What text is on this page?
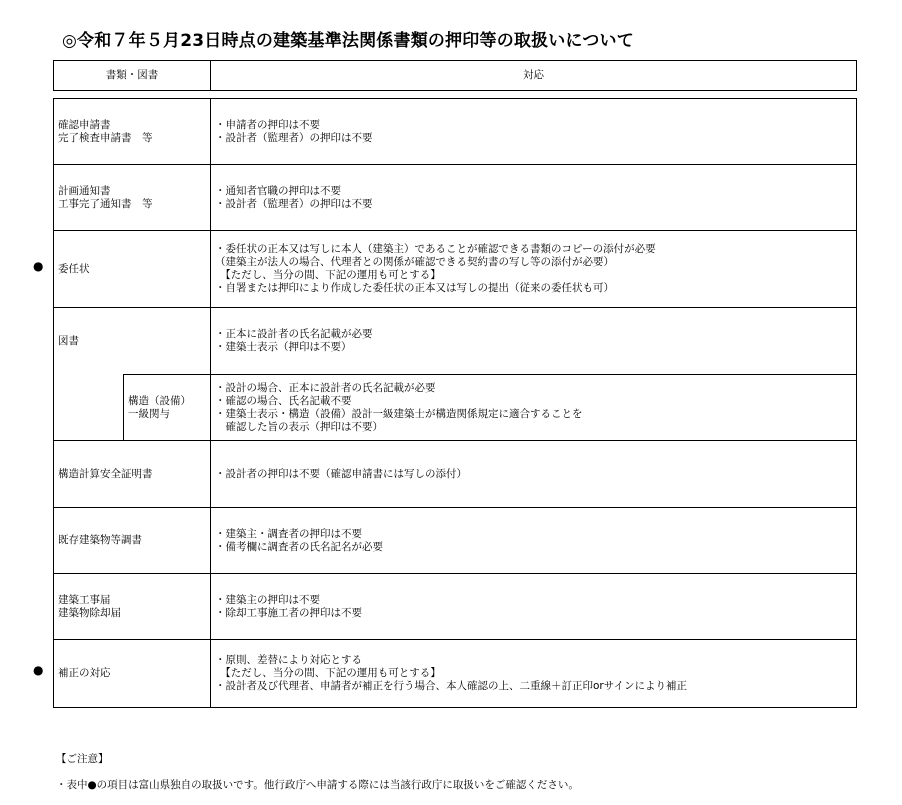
◎令和７年５月23日時点の建築基準法関係書類の押印等の取扱いについて
書類・図書		対応

確認申請書
完了検査申請書　等		・申請者の押印は不要
・設計者（監理者）の押印は不要
計画通知書
工事完了通知書　等		・通知者官職の押印は不要
・設計者（監理者）の押印は不要
委任状		・委任状の正本又は写しに本人（建築主）であることが確認できる書類のコピーの添付が必要
（建築主が法人の場合、代理者との関係が確認できる契約書の写し等の添付が必要）
　【ただし、当分の間、下記の運用も可とする】
・自署または押印により作成した委任状の正本又は写しの提出（従来の委任状も可）
図書		・正本に設計者の氏名記載が必要
・建築士表示（押印は不要）
	構造（設備）
一級関与	・設計の場合、正本に設計者の氏名記載が必要
・確認の場合、氏名記載不要
・建築士表示・構造（設備）設計一級建築士が構造関係規定に適合することを
　確認した旨の表示（押印は不要）
構造計算安全証明書		・設計者の押印は不要（確認申請書には写しの添付）
既存建築物等調書		・建築主・調査者の押印は不要
・備考欄に調査者の氏名記名が必要
建築工事届
建築物除却届		・建築主の押印は不要
・除却工事施工者の押印は不要
補正の対応		・原則、差替により対応とする
　【ただし、当分の間、下記の運用も可とする】
・設計者及び代理者、申請者が補正を行う場合、本人確認の上、二重線＋訂正印orサインにより補正
●
●

【ご注意】

・表中●の項目は富山県独自の取扱いです。他行政庁へ申請する際には当該行政庁に取扱いをご確認ください。
